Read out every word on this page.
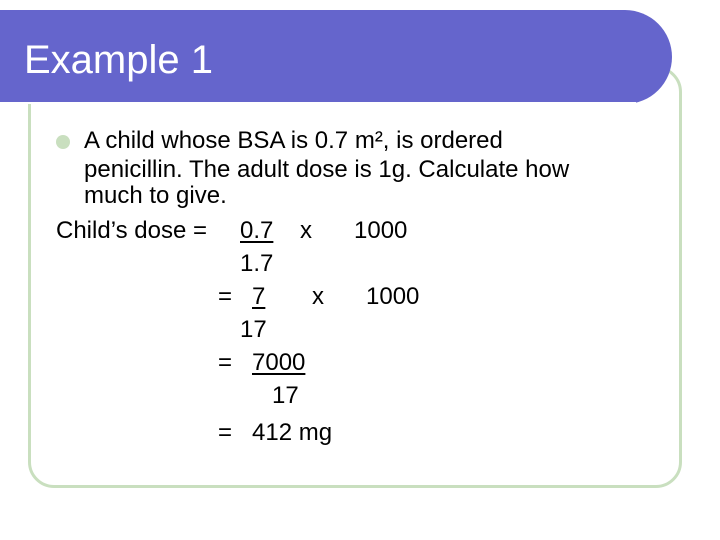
Example 1
A child whose BSA is 0.7 m², is ordered
penicillin. The adult dose is 1g. Calculate how
much to give.
Child’s dose = 0.7 x 1000
1.7
= 7 x 1000
17
= 7000
17
= 412 mg
